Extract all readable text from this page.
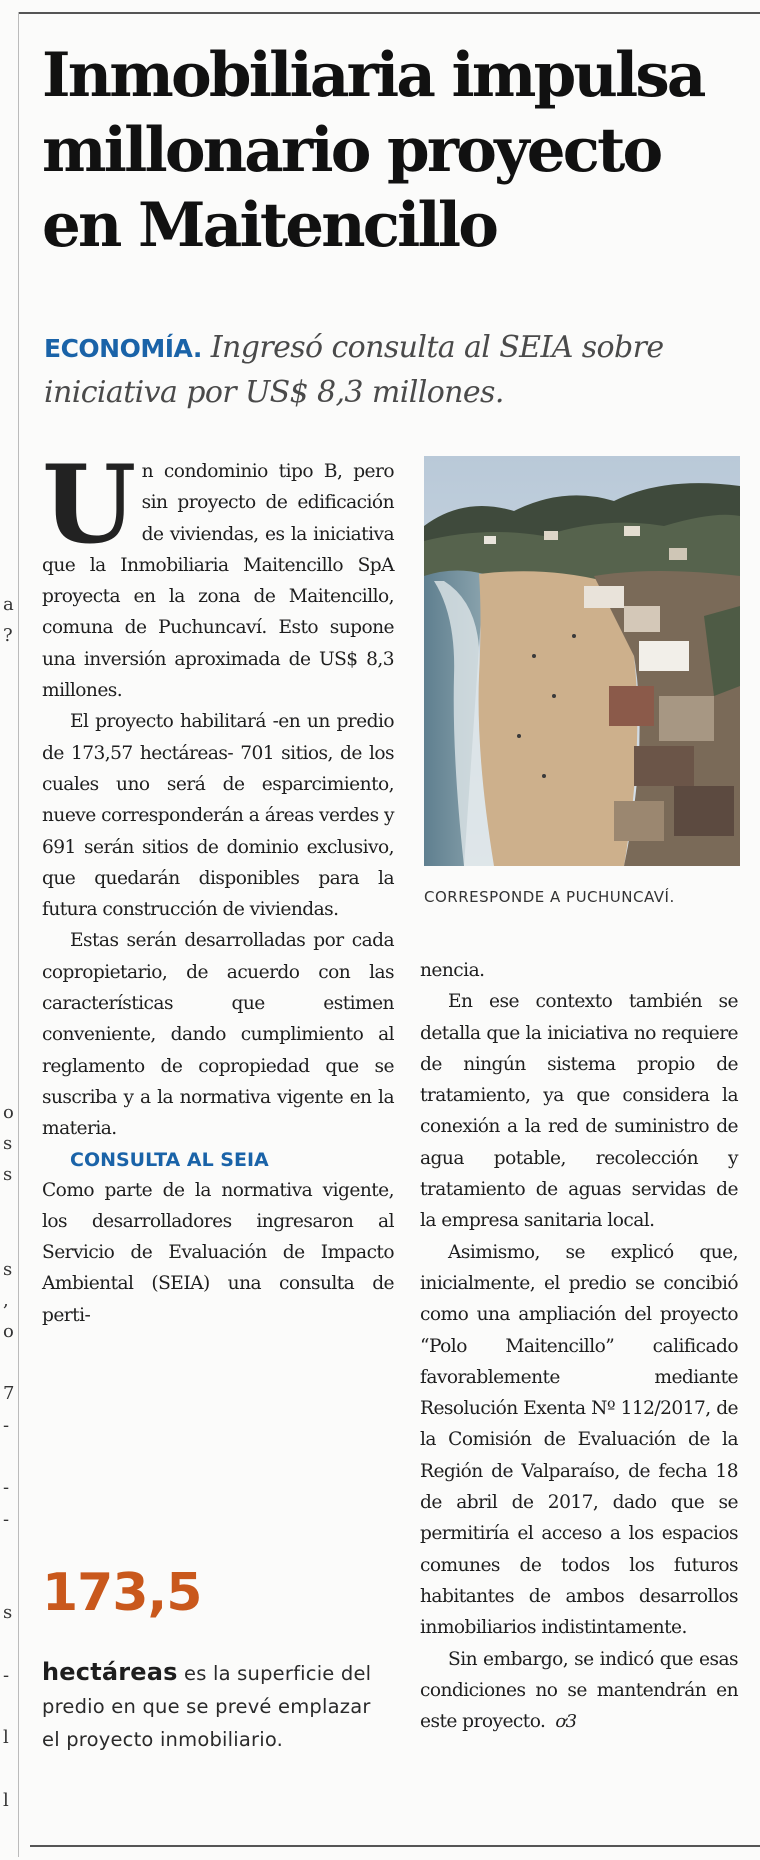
a
?
o
s
s
s
,
o
7
-
-
-
s
-
l
l
Inmobiliaria impulsa millonario proyecto en Maitencillo
ECONOMÍA. Ingresó consulta al SEIA sobre iniciativa por US$ 8,3 millones.

Un condominio tipo B, pero sin proyecto de edificación de viviendas, es la iniciativa que la Inmobiliaria Maitencillo SpA proyecta en la zona de Maitencillo, comuna de Puchuncaví. Esto supone una inversión aproximada de US$ 8,3 millones.

El proyecto habilitará -en un predio de 173,57 hectáreas- 701 sitios, de los cuales uno será de esparcimiento, nueve corresponderán a áreas verdes y 691 serán sitios de dominio exclusivo, que quedarán disponibles para la futura construcción de viviendas.

Estas serán desarrolladas por cada copropietario, de acuerdo con las características que estimen conveniente, dando cumplimiento al reglamento de copropiedad que se suscriba y a la normativa vigente en la materia.

CONSULTA AL SEIA

Como parte de la normativa vigente, los desarrolladores ingresaron al Servicio de Evaluación de Impacto Ambiental (SEIA) una consulta de perti-

CORRESPONDE A PUCHUNCAVÍ.

nencia.

En ese contexto también se detalla que la iniciativa no requiere de ningún sistema propio de tratamiento, ya que considera la conexión a la red de suministro de agua potable, recolección y tratamiento de aguas servidas de la empresa sanitaria local.

Asimismo, se explicó que, inicialmente, el predio se concibió como una ampliación del proyecto “Polo Maitencillo” calificado favorablemente mediante Resolución Exenta Nº 112/2017, de la Comisión de Evaluación de la Región de Valparaíso, de fecha 18 de abril de 2017, dado que se permitiría el acceso a los espacios comunes de todos los futuros habitantes de ambos desarrollos inmobiliarios indistintamente.

Sin embargo, se indicó que esas condiciones no se mantendrán en este proyecto. ơ3

173,5
hectáreas es la superficie del predio en que se prevé emplazar el proyecto inmobiliario.
